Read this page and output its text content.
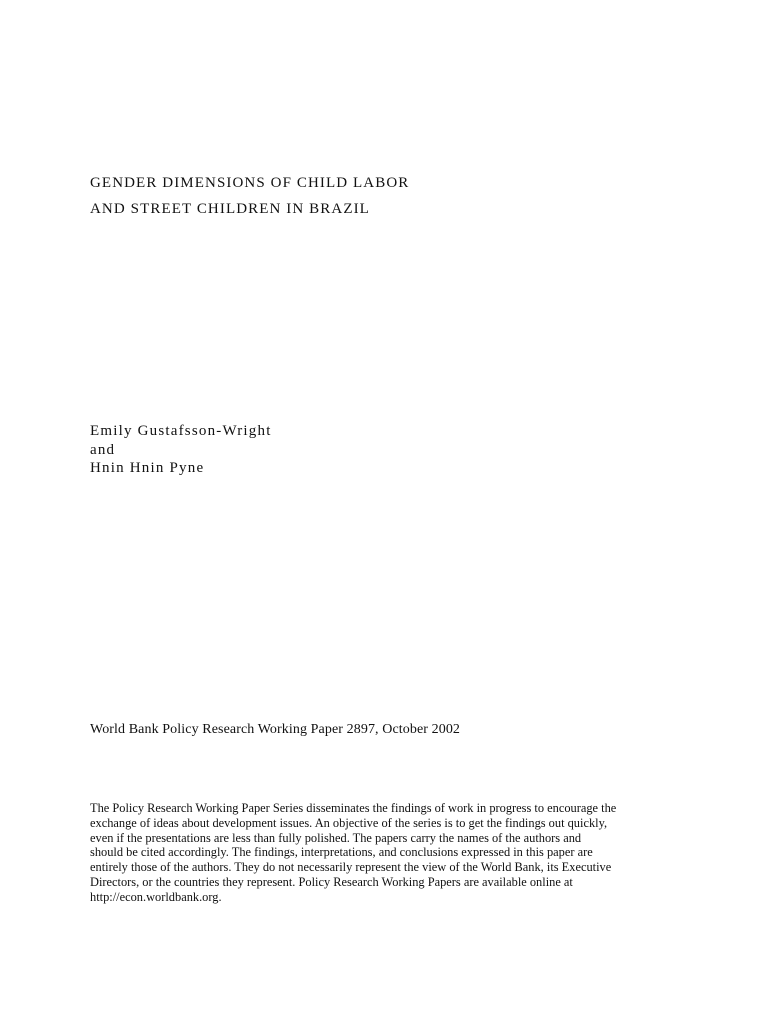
GENDER DIMENSIONS OF CHILD LABOR
AND STREET CHILDREN IN BRAZIL
Emily Gustafsson-Wright
and
Hnin Hnin Pyne
World Bank Policy Research Working Paper 2897, October 2002
The Policy Research Working Paper Series disseminates the findings of work in progress to encourage the
exchange of ideas about development issues. An objective of the series is to get the findings out quickly,
even if the presentations are less than fully polished. The papers carry the names of the authors and
should be cited accordingly. The findings, interpretations, and conclusions expressed in this paper are
entirely those of the authors. They do not necessarily represent the view of the World Bank, its Executive
Directors, or the countries they represent. Policy Research Working Papers are available online at
http://econ.worldbank.org.
